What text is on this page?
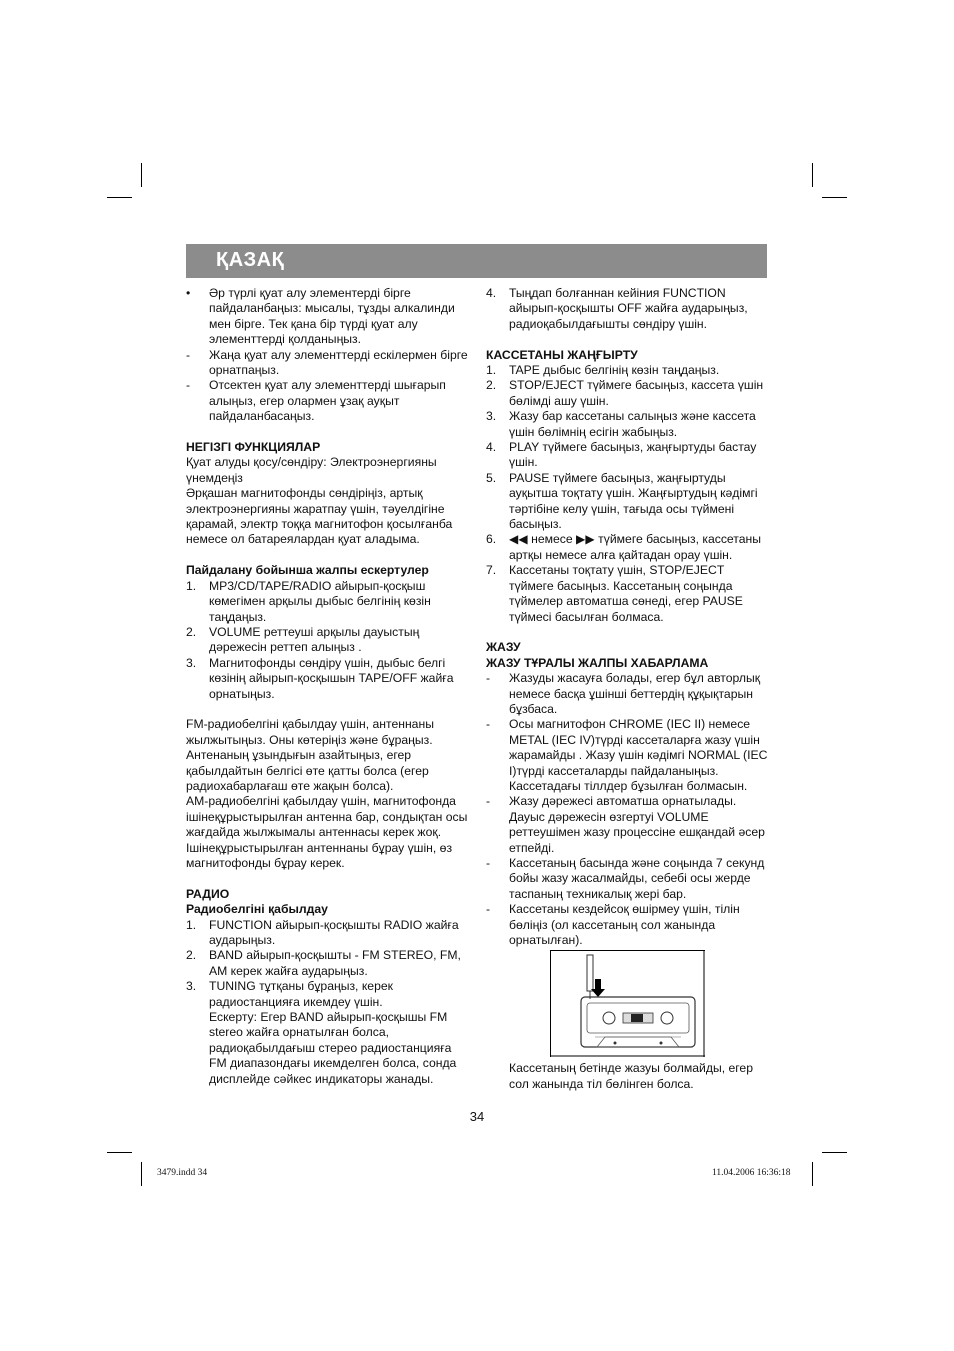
ҚАЗАҚ
• Әр түрлі қуат алу элементерді бірге пайдаланбаңыз: мысалы, тұзды алкалинди мен бірге. Тек қана бір түрді қуат алу элементтерді қолданыңыз.
- Жаңа қуат алу элементтерді ескілермен бірге орнатпаңыз.
- Отсектен қуат алу элементтерді шығарып алыңыз, егер олармен ұзақ ауқыт пайдаланбасаңыз.
НЕГІЗГІ ФУНКЦИЯЛАР
Қуат алуды қосу/сөндіру: Электроэнергияны үнемдеңіз
Әрқашан магнитофонды сөндіріңіз, артық электроэнергияны жаратпау үшін, тәуелдігіне қарамай, электр тоққа магнитофон қосылғанба немесе ол батареялардан қуат аладыма.
Пайдалану бойынша жалпы ескертулер
1. MP3/CD/TAPE/RADIO айырып-қосқыш көмегімен арқылы дыбыс белгінің көзін таңдаңыз.
2. VOLUME реттеуші арқылы дауыстың дәрежесін реттеп алыңыз .
3. Магнитофонды сөндіру үшін, дыбыс белгі көзінің айырып-қосқышын TAPE/OFF жайға орнатыңыз.
FM-радиобелгіні қабылдау үшін, антеннаны жылжытыңыз. Оны көтеріңіз және бұраңыз. Антенаның ұзындығын азайтыңыз, егер қабылдайтын белгісі өте қатты болса (егер радиохабарлағаш өте жақын болса).
AM-радиобелгіні қабылдау үшін, магнитофонда ішінеқұрыстырылған антенна бар, сондықтан осы жағдайда жылжымалы антеннасы керек жоқ. Ішінеқұрыстырылған антеннаны бұрау үшін, өз магнитофонды бұрау керек.
РАДИО
Радиобелгіні қабылдау
1. FUNCTION айырып-қосқышты RADIO жайға аударыңыз.
2. BAND айырып-қосқышты - FM STEREO, FM, AM керек жайға аударыңыз.
3. TUNING тұтқаны бұраңыз, керек радиостанцияға икемдеу үшін.
Ескерту: Егер BAND айырып-қосқышы FM stereo жайға орнатылған болса, радиоқабылдағыш стерео радиостанцияға FM диапазондағы икемделген болса, сонда дисплейде сәйкес индикаторы жанады.
4. Тыңдап болғаннан кейіния FUNCTION айырып-қосқышты OFF жайға аударыңыз, радиоқабылдағышты сөндіру үшін.
КАССЕТАНЫ ЖАҢҒЫРТУ
1. TAPE дыбыс белгінің көзін таңдаңыз.
2. STOP/EJECT түймеге басыңыз, кассета үшін бөлімді ашу үшін.
3. Жазу бар кассетаны салыңыз және кассета үшін бөлімнің есігін жабыңыз.
4. PLAY түймеге басыңыз, жаңғыртуды бастау үшін.
5. PAUSE түймеге басыңыз, жаңғыртуды ауқытша тоқтату үшін. Жаңғыртудың кәдімгі тәртібіне келу үшін, тағыда осы түймені басыңыз.
6. ◀◀ немесе ▶▶ түймеге басыңыз, кассетаны артқы немесе алға қайтадан орау үшін.
7. Кассетаны тоқтату үшін, STOP/EJECT түймеге басыңыз. Кассетаның соңында түймелер автоматша сөнеді, егер PAUSE түймесі басылған болмаса.
ЖАЗУ
ЖАЗУ ТҰРАЛЫ ЖАЛПЫ ХАБАРЛАМА
- Жазуды жасауға болады, егер бұл авторлық немесе басқа ұшінші беттердің құқықтарын бұзбаса.
- Осы магнитофон CHROME (IEC II) немесе METAL (IEC IV)түрді кассеталарға жазу үшін жарамайды . Жазу үшін кәдімгі NORMAL (IEC I)түрді кассеталарды пайдаланыңыз. Кассетадағы тіллдер бұзылған болмасын.
- Жазу дәрежесі автоматша орнатылады. Дауыс дәрежесін өзгертуі VOLUME реттеушімен жазу процессіне ешқандай әсер етпейді.
- Кассетаның басында және соңында 7 секунд бойы жазу жасалмайды, себебі осы жерде таспаның техникалық жері бар.
- Кассетаны кездейсоқ өшірмеу үшін, тілін бөліңіз (ол кассетаның сол жанында орнатылған).
Кассетаның бетінде жазуы болмайды, егер сол жанында тіл бөлінген болса.
34
3479.indd 34	11.04.2006 16:36:18
